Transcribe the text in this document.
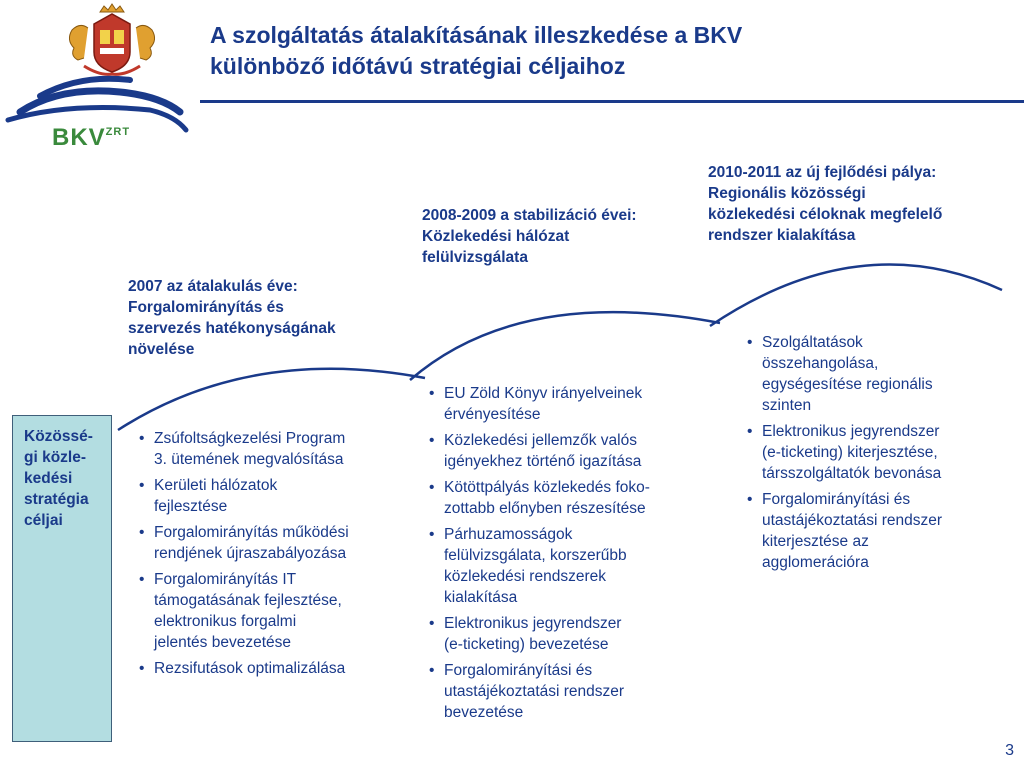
$BKV^{ZRT}$
A szolgáltatás átalakításának illeszkedése a BKV
különböző időtávú stratégiai céljaihoz
2007 az átalakulás éve:
Forgalomirányítás és
szervezés hatékonyságának
növelése
2008-2009 a stabilizáció évei:
Közlekedési hálózat
felülvizsgálata
2010-2011 az új fejlődési pálya:
Regionális közösségi
közlekedési céloknak megfelelő
rendszer kialakítása
Közössé-
gi közle-
kedési
stratégia
céljai
• Zsúfoltságkezelési Program
3. ütemének megvalósítása
• Kerületi hálózatok
fejlesztése
• Forgalomirányítás működési
rendjének újraszabályozása
• Forgalomirányítás IT
támogatásának fejlesztése,
elektronikus forgalmi
jelentés bevezetése
• Rezsifutások optimalizálása
• EU Zöld Könyv irányelveinek
érvényesítése
• Közlekedési jellemzők valós
igényekhez történő igazítása
• Kötöttpályás közlekedés foko-
zottabb előnyben részesítése
• Párhuzamosságok
felülvizsgálata, korszerűbb
közlekedési rendszerek
kialakítása
• Elektronikus jegyrendszer
(e-ticketing) bevezetése
• Forgalomirányítási és
utastájékoztatási rendszer
bevezetése
• Szolgáltatások
összehangolása,
egységesítése regionális
szinten
• Elektronikus jegyrendszer
(e-ticketing) kiterjesztése,
társszolgáltatók bevonása
• Forgalomirányítási és
utastájékoztatási rendszer
kiterjesztése az
agglomerációra
3
